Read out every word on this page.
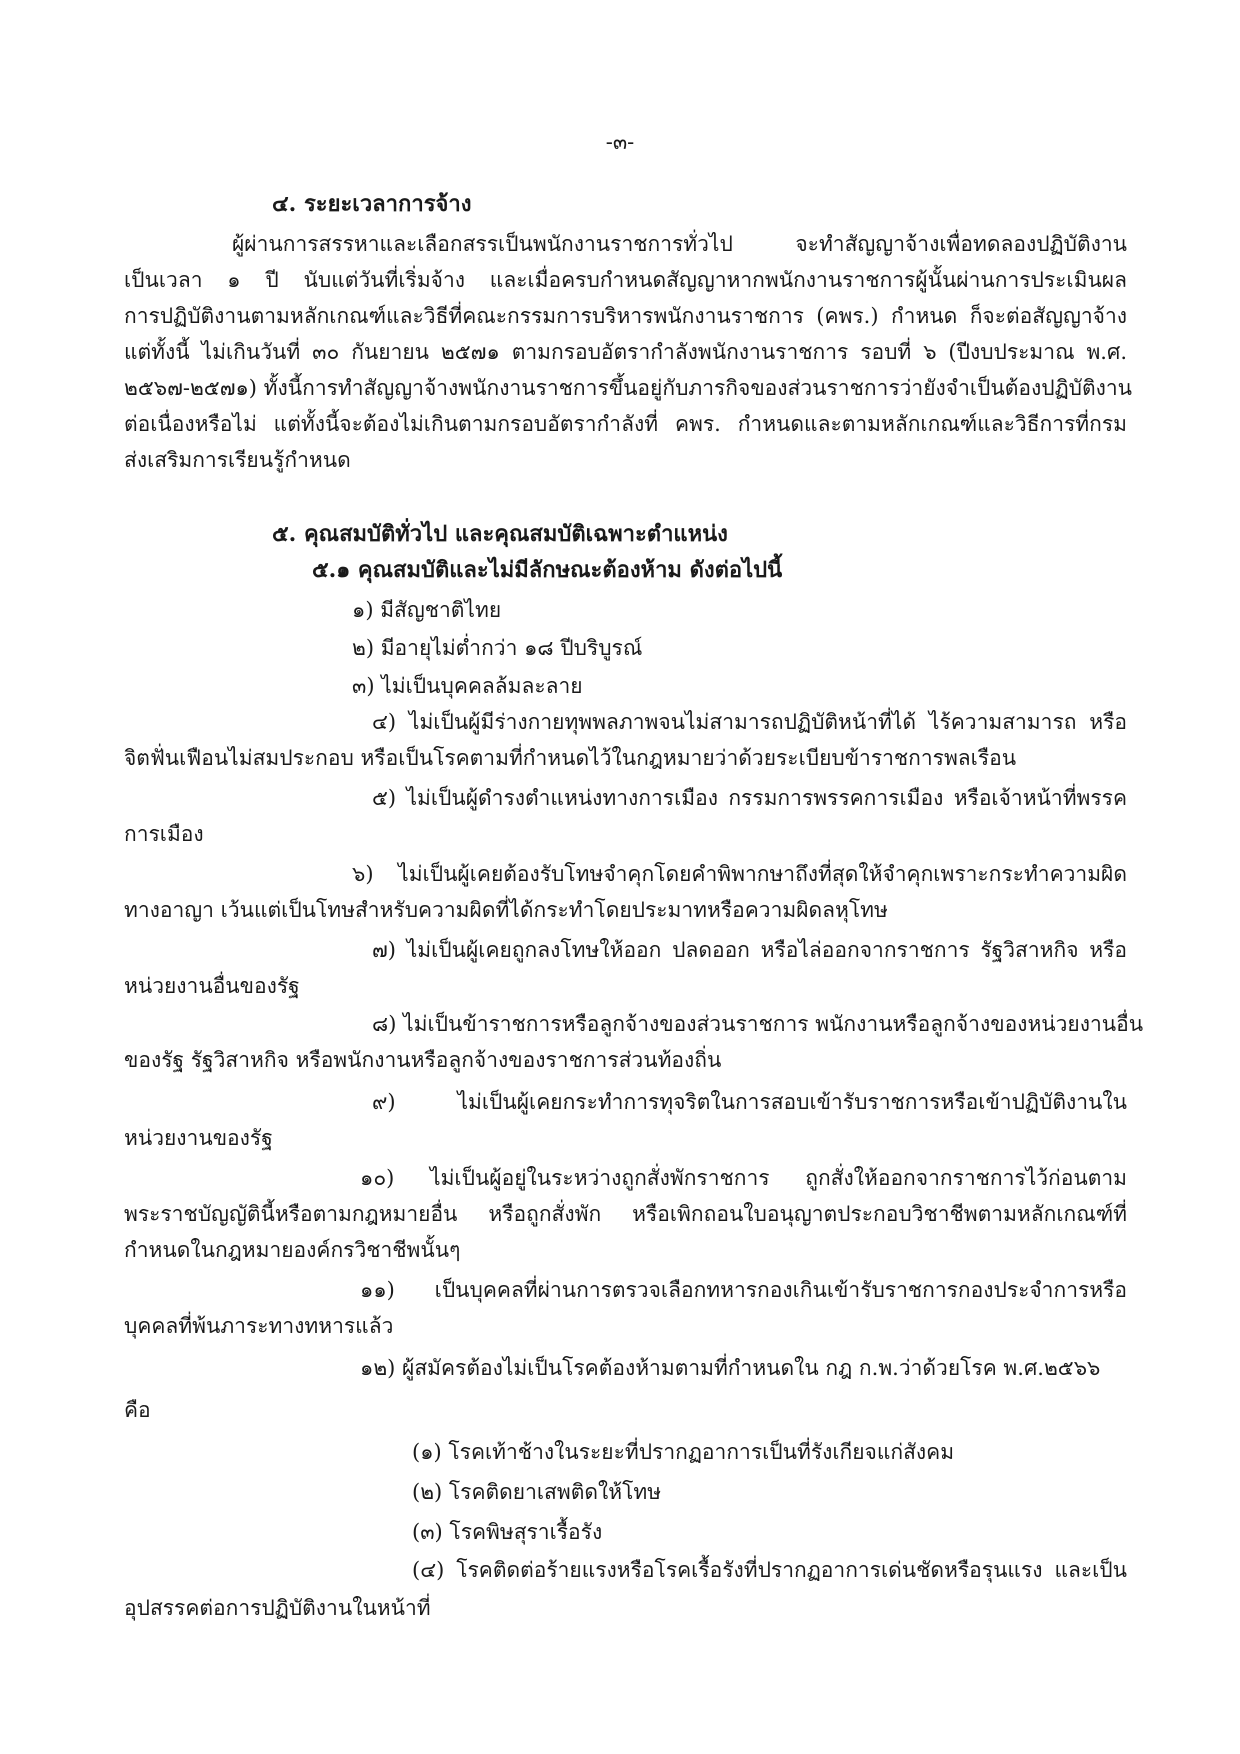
-๓-
๔. ระยะเวลาการจ้าง
ผู้ผ่านการสรรหาและเลือกสรรเป็นพนักงานราชการทั่วไป จะทำสัญญาจ้างเพื่อทดลองปฏิบัติงาน
เป็นเวลา ๑ ปี นับแต่วันที่เริ่มจ้าง และเมื่อครบกำหนดสัญญาหากพนักงานราชการผู้นั้นผ่านการประเมินผล
การปฏิบัติงานตามหลักเกณฑ์และวิธีที่คณะกรรมการบริหารพนักงานราชการ (คพร.) กำหนด ก็จะต่อสัญญาจ้าง
แต่ทั้งนี้ ไม่เกินวันที่ ๓๐ กันยายน ๒๕๗๑ ตามกรอบอัตรากำลังพนักงานราชการ รอบที่ ๖ (ปีงบประมาณ พ.ศ.
๒๕๖๗-๒๕๗๑) ทั้งนี้การทำสัญญาจ้างพนักงานราชการขึ้นอยู่กับภารกิจของส่วนราชการว่ายังจำเป็นต้องปฏิบัติงาน
ต่อเนื่องหรือไม่ แต่ทั้งนี้จะต้องไม่เกินตามกรอบอัตรากำลังที่ คพร. กำหนดและตามหลักเกณฑ์และวิธีการที่กรม
ส่งเสริมการเรียนรู้กำหนด
๕. คุณสมบัติทั่วไป และคุณสมบัติเฉพาะตำแหน่ง
๕.๑ คุณสมบัติและไม่มีลักษณะต้องห้าม ดังต่อไปนี้
๑) มีสัญชาติไทย
๒) มีอายุไม่ต่ำกว่า ๑๘ ปีบริบูรณ์
๓) ไม่เป็นบุคคลล้มละลาย
๔) ไม่เป็นผู้มีร่างกายทุพพลภาพจนไม่สามารถปฏิบัติหน้าที่ได้ ไร้ความสามารถ หรือ
จิตฟั่นเฟือนไม่สมประกอบ หรือเป็นโรคตามที่กำหนดไว้ในกฎหมายว่าด้วยระเบียบข้าราชการพลเรือน
๕) ไม่เป็นผู้ดำรงตำแหน่งทางการเมือง กรรมการพรรคการเมือง หรือเจ้าหน้าที่พรรค
การเมือง
๖) ไม่เป็นผู้เคยต้องรับโทษจำคุกโดยคำพิพากษาถึงที่สุดให้จำคุกเพราะกระทำความผิด
ทางอาญา เว้นแต่เป็นโทษสำหรับความผิดที่ได้กระทำโดยประมาทหรือความผิดลหุโทษ
๗) ไม่เป็นผู้เคยถูกลงโทษให้ออก ปลดออก หรือไล่ออกจากราชการ รัฐวิสาหกิจ หรือ
หน่วยงานอื่นของรัฐ
๘) ไม่เป็นข้าราชการหรือลูกจ้างของส่วนราชการ พนักงานหรือลูกจ้างของหน่วยงานอื่น
ของรัฐ รัฐวิสาหกิจ หรือพนักงานหรือลูกจ้างของราชการส่วนท้องถิ่น
๙) ไม่เป็นผู้เคยกระทำการทุจริตในการสอบเข้ารับราชการหรือเข้าปฏิบัติงานใน
หน่วยงานของรัฐ
๑๐) ไม่เป็นผู้อยู่ในระหว่างถูกสั่งพักราชการ ถูกสั่งให้ออกจากราชการไว้ก่อนตาม
พระราชบัญญัตินี้หรือตามกฎหมายอื่น หรือถูกสั่งพัก หรือเพิกถอนใบอนุญาตประกอบวิชาชีพตามหลักเกณฑ์ที่
กำหนดในกฎหมายองค์กรวิชาชีพนั้นๆ
๑๑) เป็นบุคคลที่ผ่านการตรวจเลือกทหารกองเกินเข้ารับราชการกองประจำการหรือ
บุคคลที่พ้นภาระทางทหารแล้ว
๑๒) ผู้สมัครต้องไม่เป็นโรคต้องห้ามตามที่กำหนดใน กฎ ก.พ.ว่าด้วยโรค พ.ศ.๒๕๖๖
คือ
(๑) โรคเท้าช้างในระยะที่ปรากฏอาการเป็นที่รังเกียจแก่สังคม
(๒) โรคติดยาเสพติดให้โทษ
(๓) โรคพิษสุราเรื้อรัง
(๔) โรคติดต่อร้ายแรงหรือโรคเรื้อรังที่ปรากฏอาการเด่นชัดหรือรุนแรง และเป็น
อุปสรรคต่อการปฏิบัติงานในหน้าที่
